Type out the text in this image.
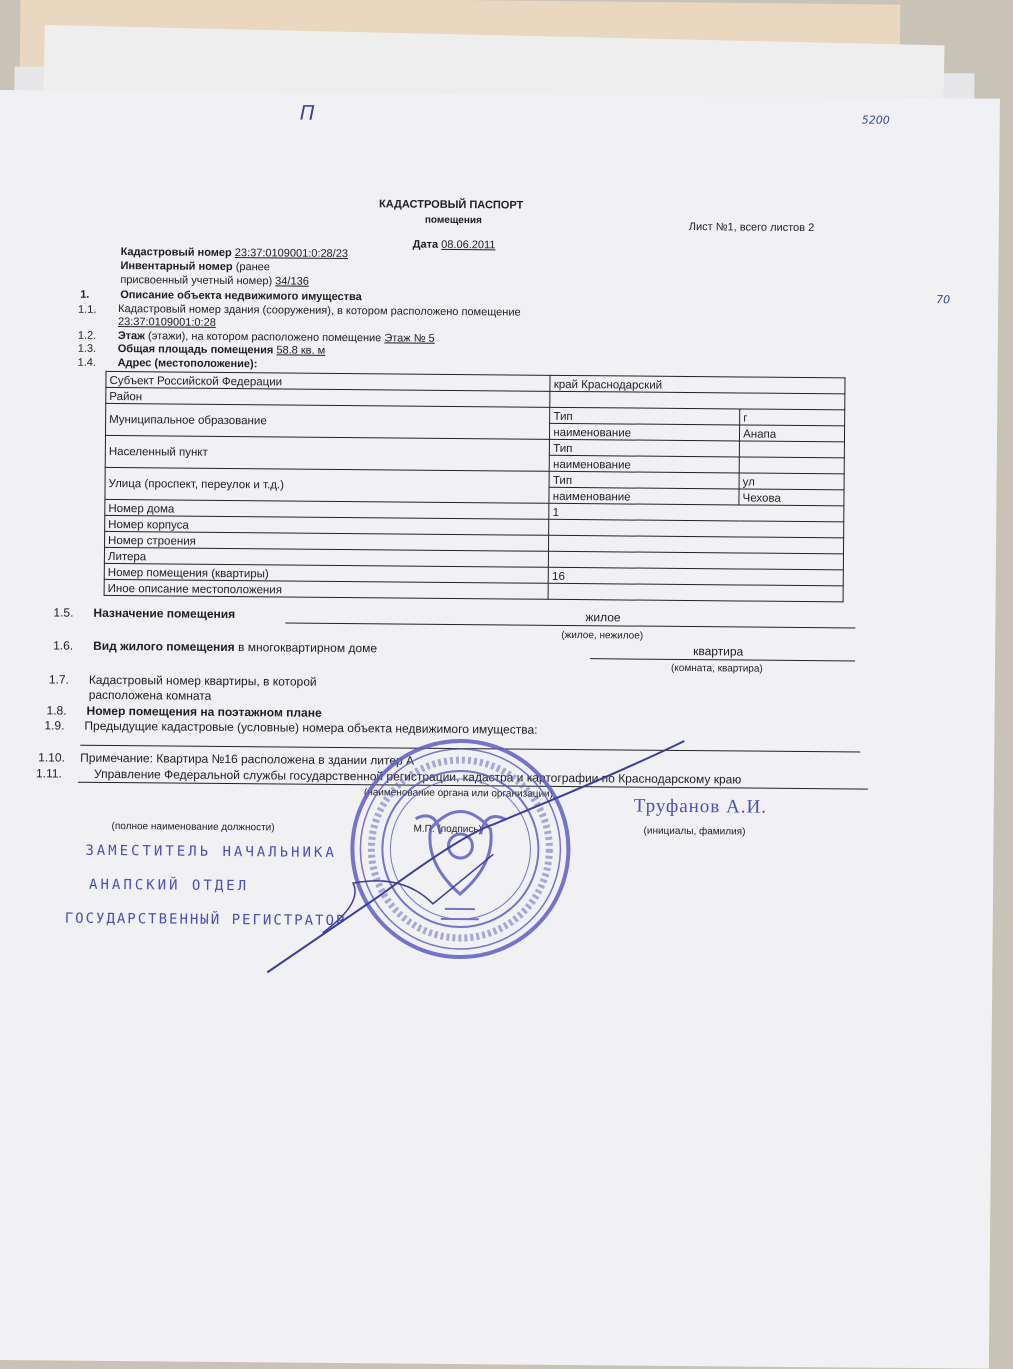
П	5200
70
КАДАСТРОВЫЙ ПАСПОРТ
помещения
Лист №1, всего листов 2
Дата 08.06.2011
Кадастровый номер 23:37:0109001:0:28/23
Инвентарный номер (ранее
присвоенный учетный номер) 34/136
1.	Описание объекта недвижимого имущества
1.1. Кадастровый номер здания (сооружения), в котором расположено помещение
23:37:0109001:0:28
1.2. Этаж (этажи), на котором расположено помещение Этаж № 5
1.3. Общая площадь помещения 58.8 кв. м
1.4. Адрес (местоположение):
Субъект Российской Федерации	край Краснодарский	
Район		
Муниципальное образование	Тип	г
	наименование	Анапа
Населенный пункт	Тип	
	наименование	
Улица (проспект, переулок и т.д.)	Тип	ул
	наименование	Чехова
Номер дома	1	
Номер корпуса		
Номер строения		
Литера		
Номер помещения (квартиры)	16	
Иное описание местоположения		
1.5. Назначение помещения	жилое
(жилое, нежилое)
1.6. Вид жилого помещения в многоквартирном доме	квартира
(комната, квартира)
1.7. Кадастровый номер квартиры, в которой
расположена комната
1.8. Номер помещения на поэтажном плане
1.9. Предыдущие кадастровые (условные) номера объекта недвижимого имущества:
1.10. Примечание: Квартира №16 расположена в здании литер А
1.11.	Управление Федеральной службы государственной регистрации, кадастра и картографии по Краснодарскому краю
(наименование органа или организации)
(полное наименование должности)	М.П. (подпись)	(инициалы, фамилия)
Труфанов А.И.
ЗАМЕСТИТЕЛЬ НАЧАЛЬНИКА
АНАПСКИЙ ОТДЕЛ
ГОСУДАРСТВЕННЫЙ РЕГИСТРАТОР
